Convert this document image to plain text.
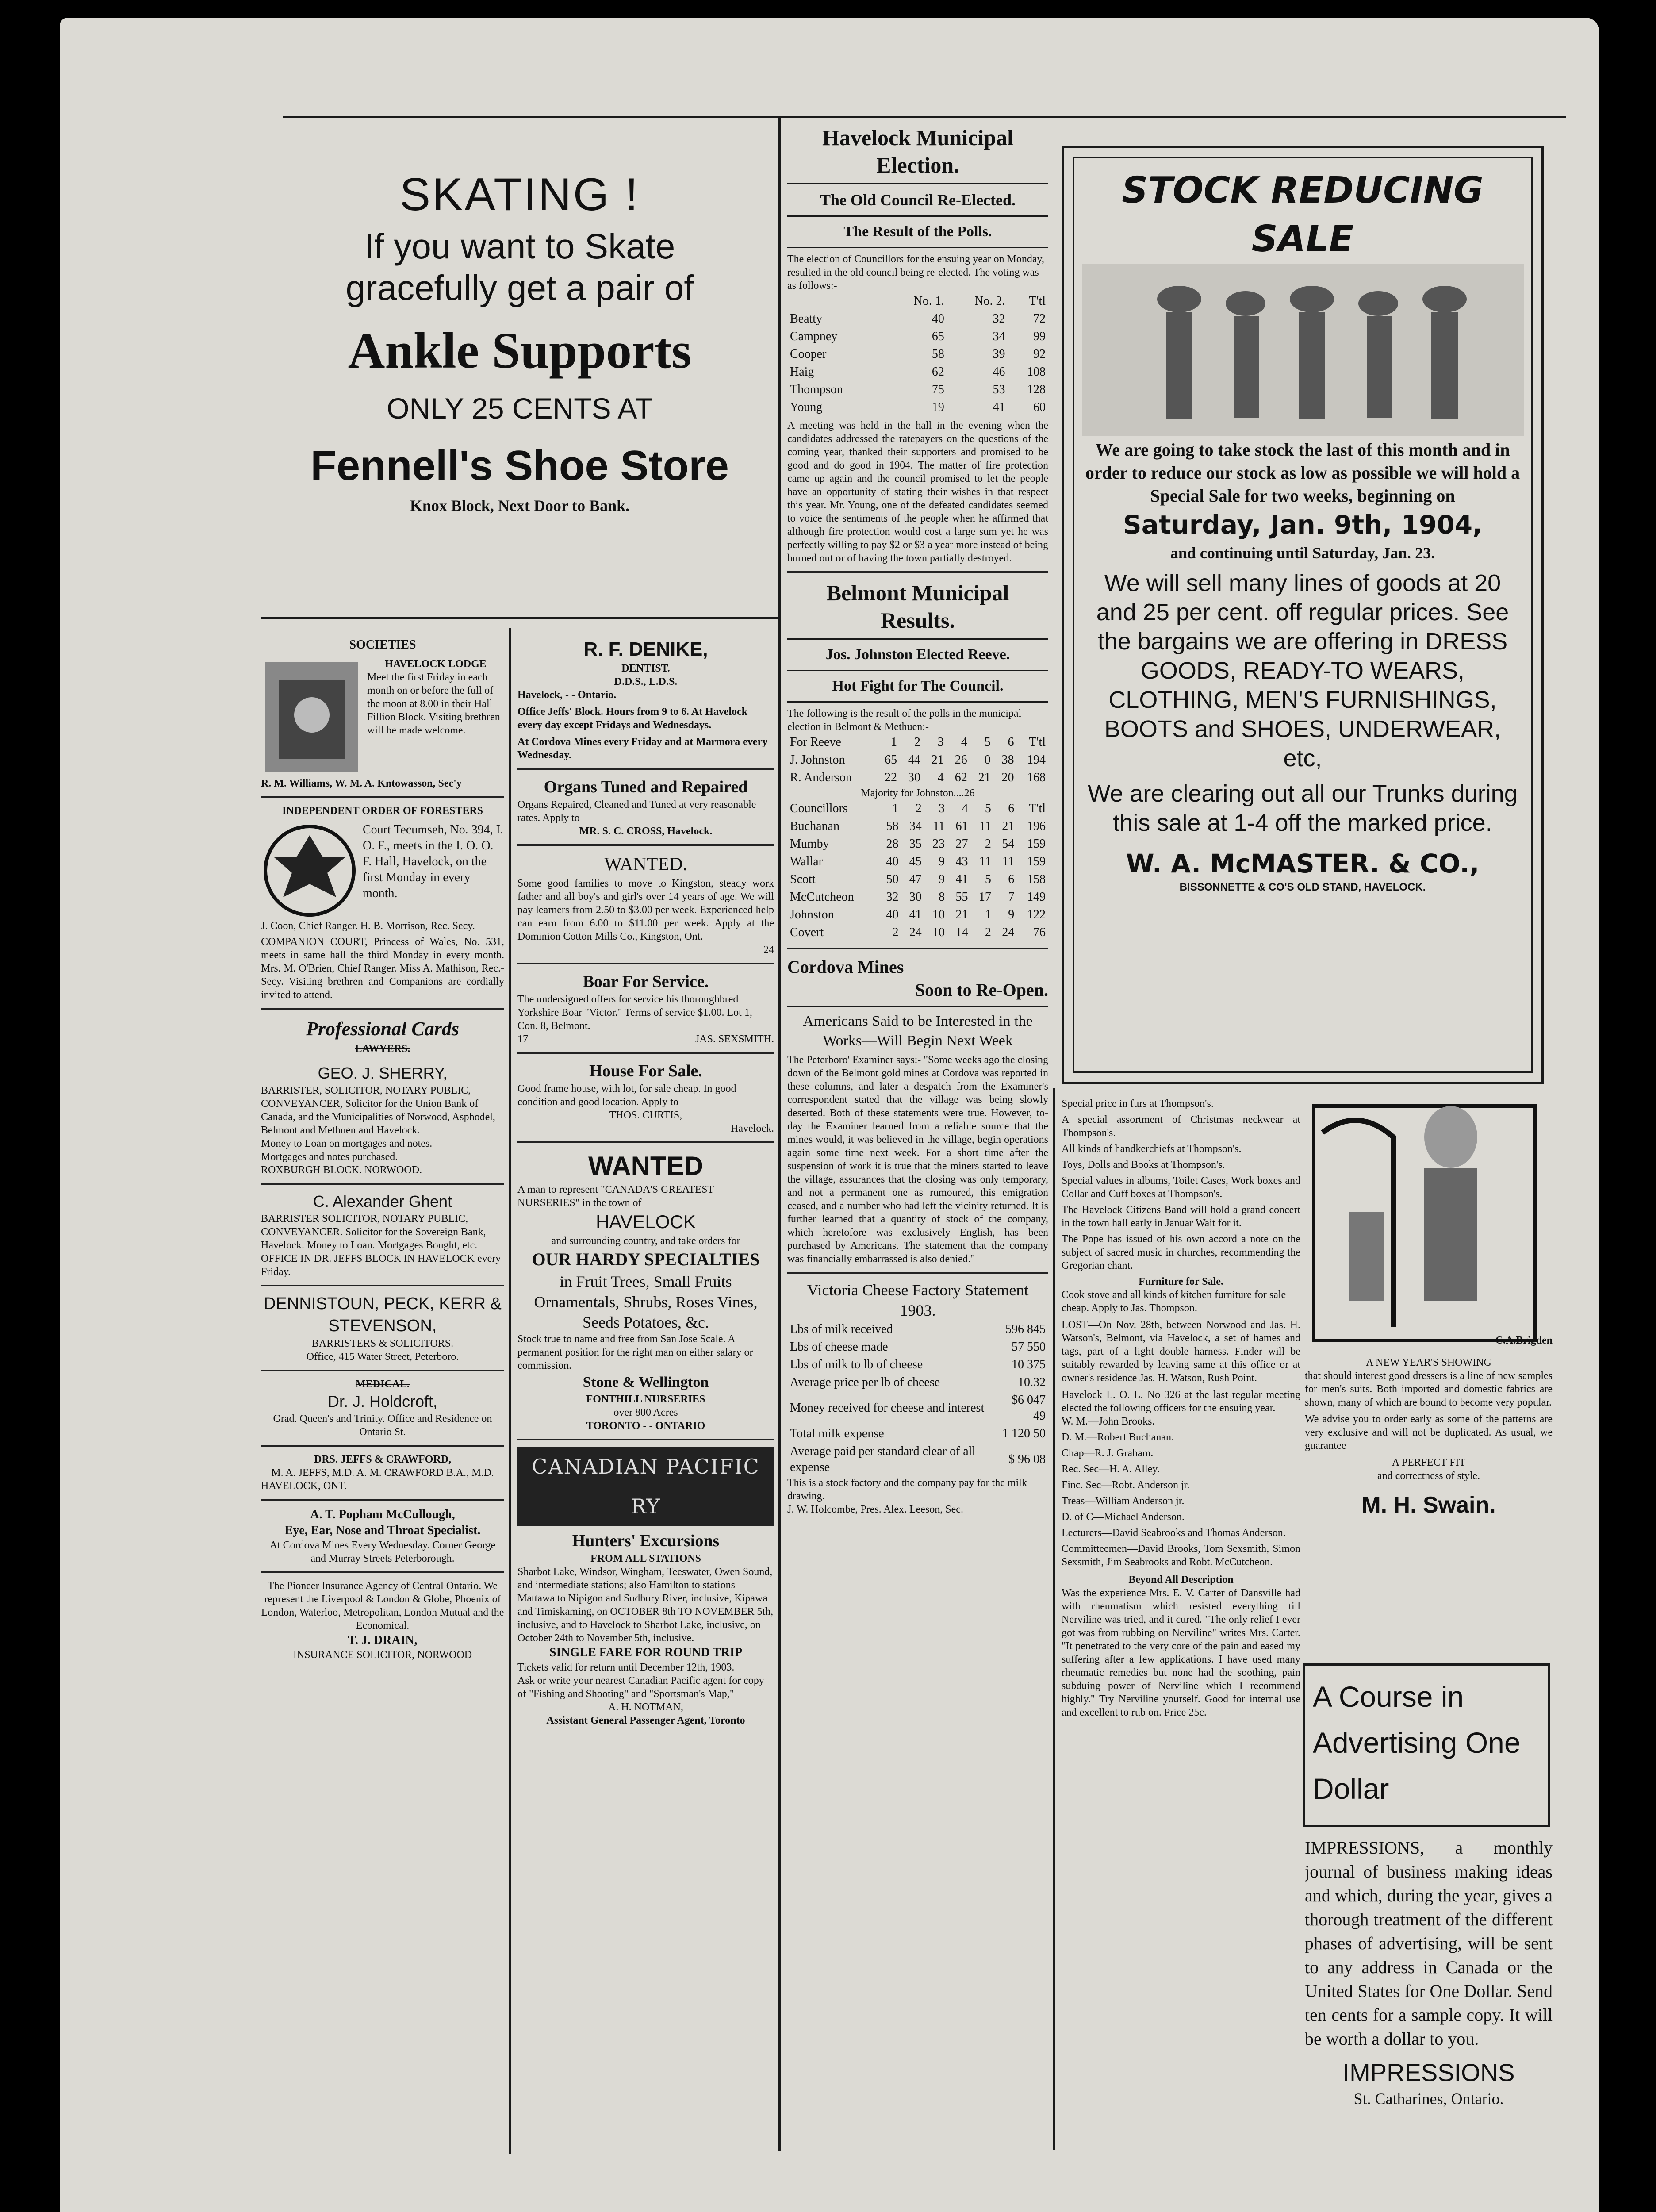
SKATING !
If you want to Skate
gracefully get a pair of
Ankle Supports
ONLY 25 CENTS AT
Fennell's Shoe Store
Knox Block, Next Door to Bank.
SOCIETIES
HAVELOCK LODGE
Meet the first Friday in each month on or before the full of the moon at 8.00 in their Hall Fillion Block. Visiting brethren will be made welcome.
R. M. Williams, W. M. A. Kntowasson, Sec'y
INDEPENDENT ORDER OF FORESTERS
Court Tecumseh, No. 394, I. O. F., meets in the I. O. O. F. Hall, Havelock, on the first Monday in every month.
J. Coon, Chief Ranger. H. B. Morrison, Rec. Secy.
COMPANION COURT, Princess of Wales, No. 531, meets in same hall the third Monday in every month. Mrs. M. O'Brien, Chief Ranger. Miss A. Mathison, Rec.-Secy. Visiting brethren and Companions are cordially invited to attend.
Professional Cards
LAWYERS.
GEO. J. SHERRY,
BARRISTER, SOLICITOR, NOTARY PUBLIC, CONVEYANCER, Solicitor for the Union Bank of Canada, and the Municipalities of Norwood, Asphodel, Belmont and Methuen and Havelock.
Money to Loan on mortgages and notes.
Mortgages and notes purchased.
ROXBURGH BLOCK. NORWOOD.
C. Alexander Ghent
BARRISTER SOLICITOR, NOTARY PUBLIC, CONVEYANCER. Solicitor for the Sovereign Bank, Havelock. Money to Loan. Mortgages Bought, etc. OFFICE IN DR. JEFFS BLOCK IN HAVELOCK every Friday.
DENNISTOUN, PECK, KERR & STEVENSON,
BARRISTERS & SOLICITORS.
Office, 415 Water Street, Peterboro.
MEDICAL.
Dr. J. Holdcroft,
Grad. Queen's and Trinity. Office and Residence on Ontario St.
DRS. JEFFS & CRAWFORD,
M. A. JEFFS, M.D. A. M. CRAWFORD B.A., M.D.
HAVELOCK, ONT.
A. T. Popham McCullough,
Eye, Ear, Nose and Throat Specialist.
At Cordova Mines Every Wednesday. Corner George and Murray Streets Peterborough.
The Pioneer Insurance Agency of Central Ontario. We represent the Liverpool & London & Globe, Phoenix of London, Waterloo, Metropolitan, London Mutual and the Economical.
T. J. DRAIN,
INSURANCE SOLICITOR, NORWOOD
R. F. DENIKE,
DENTIST.
D.D.S., L.D.S.
Havelock, - - Ontario.
Office Jeffs' Block. Hours from 9 to 6. At Havelock every day except Fridays and Wednesdays.
At Cordova Mines every Friday and at Marmora every Wednesday.
Organs Tuned and Repaired
Organs Repaired, Cleaned and Tuned at very reasonable rates. Apply to
MR. S. C. CROSS, Havelock.
WANTED.
Some good families to move to Kingston, steady work father and all boy's and girl's over 14 years of age. We will pay learners from 2.50 to $3.00 per week. Experienced help can earn from 6.00 to $11.00 per week. Apply at the Dominion Cotton Mills Co., Kingston, Ont.
24
Boar For Service.
The undersigned offers for service his thoroughbred Yorkshire Boar "Victor." Terms of service $1.00. Lot 1, Con. 8, Belmont.
17	JAS. SEXSMITH.
House For Sale.
Good frame house, with lot, for sale cheap. In good condition and good location. Apply to
THOS. CURTIS,
Havelock.
WANTED
A man to represent "CANADA'S GREATEST NURSERIES" in the town of
HAVELOCK
and surrounding country, and take orders for
OUR HARDY SPECIALTIES
in Fruit Trees, Small Fruits Ornamentals, Shrubs, Roses Vines, Seeds Potatoes, &c.
Stock true to name and free from San Jose Scale. A permanent position for the right man on either salary or commission.
Stone & Wellington
FONTHILL NURSERIES
over 800 Acres
TORONTO - - ONTARIO
CANADIAN PACIFIC RY
Hunters' Excursions
FROM ALL STATIONS
Sharbot Lake, Windsor, Wingham, Teeswater, Owen Sound, and intermediate stations; also Hamilton to stations Mattawa to Nipigon and Sudbury River, inclusive, Kipawa and Timiskaming, on OCTOBER 8th TO NOVEMBER 5th, inclusive, and to Havelock to Sharbot Lake, inclusive, on October 24th to November 5th, inclusive.
SINGLE FARE FOR ROUND TRIP
Tickets valid for return until December 12th, 1903.
Ask or write your nearest Canadian Pacific agent for copy of "Fishing and Shooting" and "Sportsman's Map,"
A. H. NOTMAN,
Assistant General Passenger Agent, Toronto
Havelock Municipal Election.
The Old Council Re-Elected.
The Result of the Polls.
The election of Councillors for the ensuing year on Monday, resulted in the old council being re-elected. The voting was as follows:-
	No. 1.	No. 2.	T'tl
Beatty	40	32	72
Campney	65	34	99
Cooper	58	39	92
Haig	62	46	108
Thompson	75	53	128
Young	19	41	60
A meeting was held in the hall in the evening when the candidates addressed the ratepayers on the questions of the coming year, thanked their supporters and promised to be good and do good in 1904. The matter of fire protection came up again and the council promised to let the people have an opportunity of stating their wishes in that respect this year. Mr. Young, one of the defeated candidates seemed to voice the sentiments of the people when he affirmed that although fire protection would cost a large sum yet he was perfectly willing to pay $2 or $3 a year more instead of being burned out or of having the town partially destroyed.
Belmont Municipal Results.
Jos. Johnston Elected Reeve.
Hot Fight for The Council.
The following is the result of the polls in the municipal election in Belmont & Methuen:-
For Reeve	1	2	3	4	5	6	T'tl
J. Johnston	65	44	21	26	0	38	194
R. Anderson	22	30	4	62	21	20	168
Majority for Johnston....26
Councillors	1	2	3	4	5	6	T'tl
Buchanan	58	34	11	61	11	21	196
Mumby	28	35	23	27	2	54	159
Wallar	40	45	9	43	11	11	159
Scott	50	47	9	41	5	6	158
McCutcheon	32	30	8	55	17	7	149
Johnston	40	41	10	21	1	9	122
Covert	2	24	10	14	2	24	76
Cordova Mines
Soon to Re-Open.
Americans Said to be Interested in the Works—Will Begin Next Week
The Peterboro' Examiner says:- "Some weeks ago the closing down of the Belmont gold mines at Cordova was reported in these columns, and later a despatch from the Examiner's correspondent stated that the village was being slowly deserted. Both of these statements were true. However, to-day the Examiner learned from a reliable source that the mines would, it was believed in the village, begin operations again some time next week. For a short time after the suspension of work it is true that the miners started to leave the village, assurances that the closing was only temporary, and not a permanent one as rumoured, this emigration ceased, and a number who had left the vicinity returned. It is further learned that a quantity of stock of the company, which heretofore was exclusively English, has been purchased by Americans. The statement that the company was financially embarrassed is also denied."
Victoria Cheese Factory Statement 1903.
Lbs of milk received	596 845
Lbs of cheese made	57 550
Lbs of milk to lb of cheese	10 375
Average price per lb of cheese	10.32
Money received for cheese and interest	$6 047 49
Total milk expense	1 120 50
Average paid per standard clear of all expense	$ 96 08
This is a stock factory and the company pay for the milk drawing.
J. W. Holcombe, Pres. Alex. Leeson, Sec.
STOCK REDUCING SALE
We are going to take stock the last of this month and in order to reduce our stock as low as possible we will hold a Special Sale for two weeks, beginning on
Saturday, Jan. 9th, 1904,
and continuing until Saturday, Jan. 23.
We will sell many lines of goods at 20 and 25 per cent. off regular prices. See the bargains we are offering in DRESS GOODS, READY-TO WEARS, CLOTHING, MEN'S FURNISHINGS, BOOTS and SHOES, UNDERWEAR, etc,
We are clearing out all our Trunks during this sale at 1-4 off the marked price.
W. A. McMASTER. & CO.,
BISSONNETTE & CO'S OLD STAND, HAVELOCK.
Special price in furs at Thompson's.
A special assortment of Christmas neckwear at Thompson's.
All kinds of handkerchiefs at Thompson's.
Toys, Dolls and Books at Thompson's.
Special values in albums, Toilet Cases, Work boxes and Collar and Cuff boxes at Thompson's.
The Havelock Citizens Band will hold a grand concert in the town hall early in Januar Wait for it.
The Pope has issued of his own accord a note on the subject of sacred music in churches, recommending the Gregorian chant.
Furniture for Sale.
Cook stove and all kinds of kitchen furniture for sale cheap. Apply to Jas. Thompson.
LOST—On Nov. 28th, between Norwood and Jas. H. Watson's, Belmont, via Havelock, a set of hames and tags, part of a light double harness. Finder will be suitably rewarded by leaving same at this office or at owner's residence Jas. H. Watson, Rush Point.
Havelock L. O. L. No 326 at the last regular meeting elected the following officers for the ensuing year.
W. M.—John Brooks.
D. M.—Robert Buchanan.
Chap—R. J. Graham.
Rec. Sec—H. A. Alley.
Finc. Sec—Robt. Anderson jr.
Treas—William Anderson jr.
D. of C—Michael Anderson.
Lecturers—David Seabrooks and Thomas Anderson.
Committeemen—David Brooks, Tom Sexsmith, Simon Sexsmith, Jim Seabrooks and Robt. McCutcheon.
Beyond All Description
Was the experience Mrs. E. V. Carter of Dansville had with rheumatism which resisted everything till Nerviline was tried, and it cured. "The only relief I ever got was from rubbing on Nerviline" writes Mrs. Carter. "It penetrated to the very core of the pain and eased my suffering after a few applications. I have used many rheumatic remedies but none had the soothing, pain subduing power of Nerviline which I recommend highly." Try Nerviline yourself. Good for internal use and excellent to rub on. Price 25c.
C.A.Brigden
A NEW YEAR'S SHOWING
that should interest good dressers is a line of new samples for men's suits. Both imported and domestic fabrics are shown, many of which are bound to become very popular.
We advise you to order early as some of the patterns are very exclusive and will not be duplicated. As usual, we guarantee
A PERFECT FIT
and correctness of style.
M. H. Swain.
A Course in Advertising One Dollar
IMPRESSIONS, a monthly journal of business making ideas and which, during the year, gives a thorough treatment of the different phases of advertising, will be sent to any address in Canada or the United States for One Dollar. Send ten cents for a sample copy. It will be worth a dollar to you.
IMPRESSIONS
St. Catharines, Ontario.
